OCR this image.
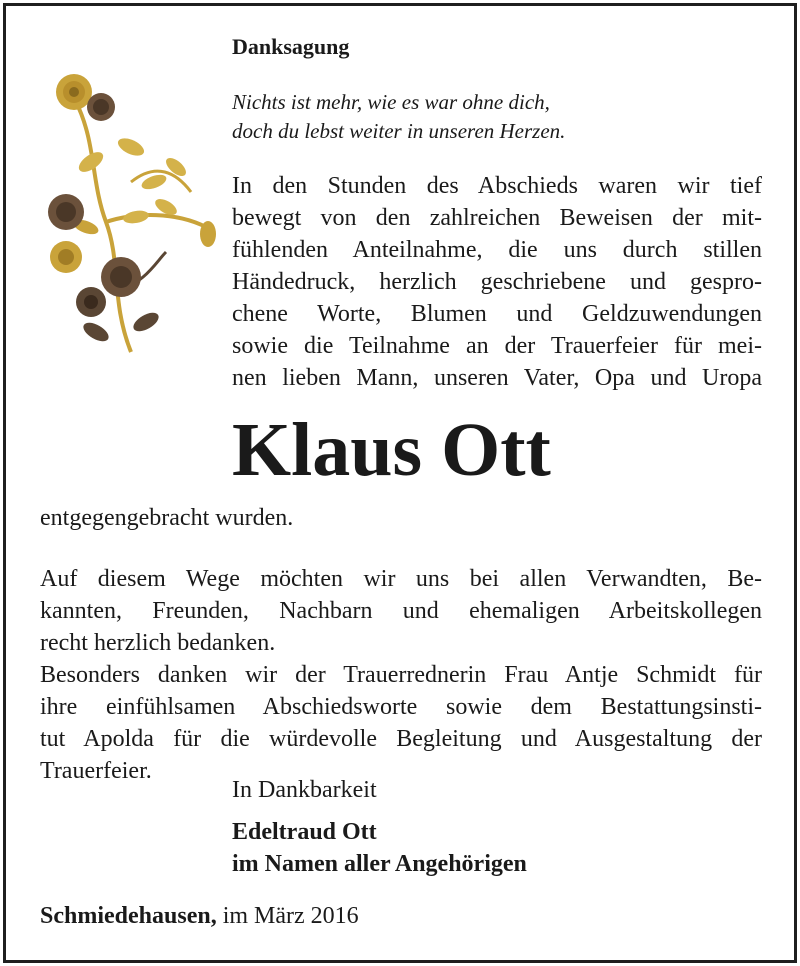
Danksagung
Nichts ist mehr, wie es war ohne dich,
doch du lebst weiter in unseren Herzen.
In den Stunden des Abschieds waren wir tief
bewegt von den zahlreichen Beweisen der mit-
fühlenden Anteilnahme, die uns durch stillen
Händedruck, herzlich geschriebene und gespro-
chene Worte, Blumen und Geldzuwendungen
sowie die Teilnahme an der Trauerfeier für mei-
nen lieben Mann, unseren Vater, Opa und Uropa
Klaus Ott
entgegengebracht wurden.
Auf diesem Wege möchten wir uns bei allen Verwandten, Be-
kannten, Freunden, Nachbarn und ehemaligen Arbeitskollegen
recht herzlich bedanken.
Besonders danken wir der Trauerrednerin Frau Antje Schmidt für
ihre einfühlsamen Abschiedsworte sowie dem Bestattungsinsti-
tut Apolda für die würdevolle Begleitung und Ausgestaltung der
Trauerfeier.
In Dankbarkeit
Edeltraud Ott
im Namen aller Angehörigen
Schmiedehausen, im März 2016
